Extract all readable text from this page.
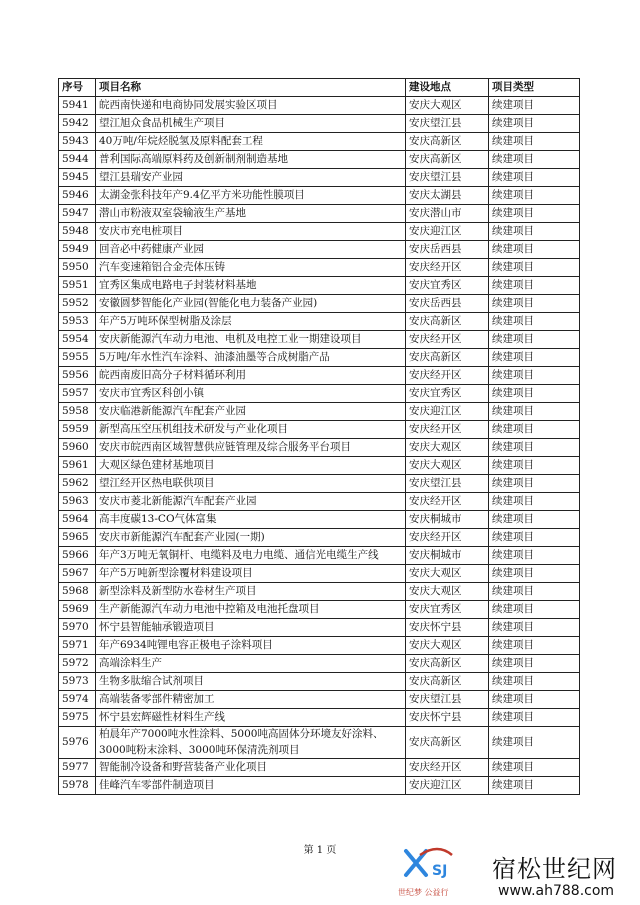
序号	项目名称	建设地点	项目类型
5941	皖西南快递和电商协同发展实验区项目	安庆大观区	续建项目
5942	望江旭众食品机械生产项目	安庆望江县	续建项目
5943	40万吨/年烷烃脱氢及原料配套工程	安庆高新区	续建项目
5944	普利国际高端原料药及创新制剂制造基地	安庆高新区	续建项目
5945	望江县瑞安产业园	安庆望江县	续建项目
5946	太湖金张科技年产9.4亿平方米功能性膜项目	安庆太湖县	续建项目
5947	潜山市粉液双室袋输液生产基地	安庆潜山市	续建项目
5948	安庆市充电桩项目	安庆迎江区	续建项目
5949	回音必中药健康产业园	安庆岳西县	续建项目
5950	汽车变速箱铝合金壳体压铸	安庆经开区	续建项目
5951	宜秀区集成电路电子封装材料基地	安庆宜秀区	续建项目
5952	安徽圆梦智能化产业园(智能化电力装备产业园)	安庆岳西县	续建项目
5953	年产5万吨环保型树脂及涂层	安庆高新区	续建项目
5954	安庆新能源汽车动力电池、电机及电控工业一期建设项目	安庆经开区	续建项目
5955	5万吨/年水性汽车涂料、油漆油墨等合成树脂产品	安庆高新区	续建项目
5956	皖西南废旧高分子材料循环利用	安庆经开区	续建项目
5957	安庆市宜秀区科创小镇	安庆宜秀区	续建项目
5958	安庆临港新能源汽车配套产业园	安庆迎江区	续建项目
5959	新型高压空压机组技术研发与产业化项目	安庆经开区	续建项目
5960	安庆市皖西南区域智慧供应链管理及综合服务平台项目	安庆大观区	续建项目
5961	大观区绿色建材基地项目	安庆大观区	续建项目
5962	望江经开区热电联供项目	安庆望江县	续建项目
5963	安庆市菱北新能源汽车配套产业园	安庆经开区	续建项目
5964	高丰度碳13-CO气体富集	安庆桐城市	续建项目
5965	安庆市新能源汽车配套产业园(一期)	安庆经开区	续建项目
5966	年产3万吨无氧铜杆、电缆料及电力电缆、通信光电缆生产线	安庆桐城市	续建项目
5967	年产5万吨新型涂覆材料建设项目	安庆大观区	续建项目
5968	新型涂料及新型防水卷材生产项目	安庆大观区	续建项目
5969	生产新能源汽车动力电池中控箱及电池托盘项目	安庆宜秀区	续建项目
5970	怀宁县智能轴承锻造项目	安庆怀宁县	续建项目
5971	年产6934吨锂电容正极电子涂料项目	安庆大观区	续建项目
5972	高端涂料生产	安庆高新区	续建项目
5973	生物多肽缩合试剂项目	安庆高新区	续建项目
5974	高端装备零部件精密加工	安庆望江县	续建项目
5975	怀宁县宏辉磁性材料生产线	安庆怀宁县	续建项目
5976	柏晨年产7000吨水性涂料、5000吨高固体分环境友好涂料、3000吨粉末涂料、3000吨环保清洗剂项目	安庆高新区	续建项目
5977	智能制冷设备和野营装备产业化项目	安庆经开区	续建项目
5978	佳峰汽车零部件制造项目	安庆迎江区	续建项目
第 1 页
SJ
世纪梦 公益行
宿松世纪网
www.ah788.com
